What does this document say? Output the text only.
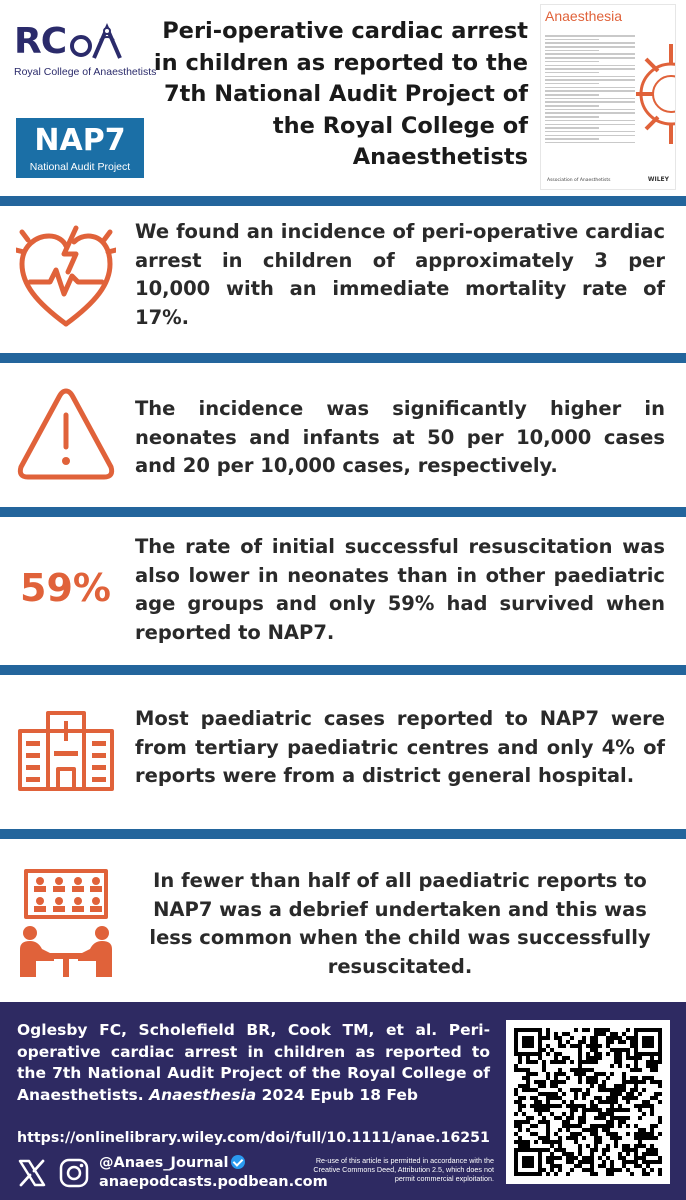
RC
Royal College of Anaesthetists
NAP7
National Audit Project
Peri-operative cardiac arrest in children as reported to the 7th National Audit Project of the Royal College of Anaesthetists
Anaesthesia
Association of Anaesthetists	WILEY
We found an incidence of peri-operative cardiac arrest in children of approximately 3 per 10,000 with an immediate mortality rate of 17%.
The incidence was significantly higher in neonates and infants at 50 per 10,000 cases and 20 per 10,000 cases, respectively.
59%
The rate of initial successful resuscitation was also lower in neonates than in other paediatric age groups and only 59% had survived when reported to NAP7.
Most paediatric cases reported to NAP7 were from tertiary paediatric centres and only 4% of reports were from a district general hospital.
In fewer than half of all paediatric reports to NAP7 was a debrief undertaken and this was less common when the child was successfully resuscitated.
Oglesby FC, Scholefield BR, Cook TM, et al. Peri-operative cardiac arrest in children as reported to the 7th National Audit Project of the Royal College of Anaesthetists. Anaesthesia 2024 Epub 18 Feb
https://onlinelibrary.wiley.com/doi/full/10.1111/anae.16251
@Anaes_Journal
anaepodcasts.podbean.com
Re-use of this article is permitted in accordance with the Creative Commons Deed, Attribution 2.5, which does not permit commercial exploitation.
